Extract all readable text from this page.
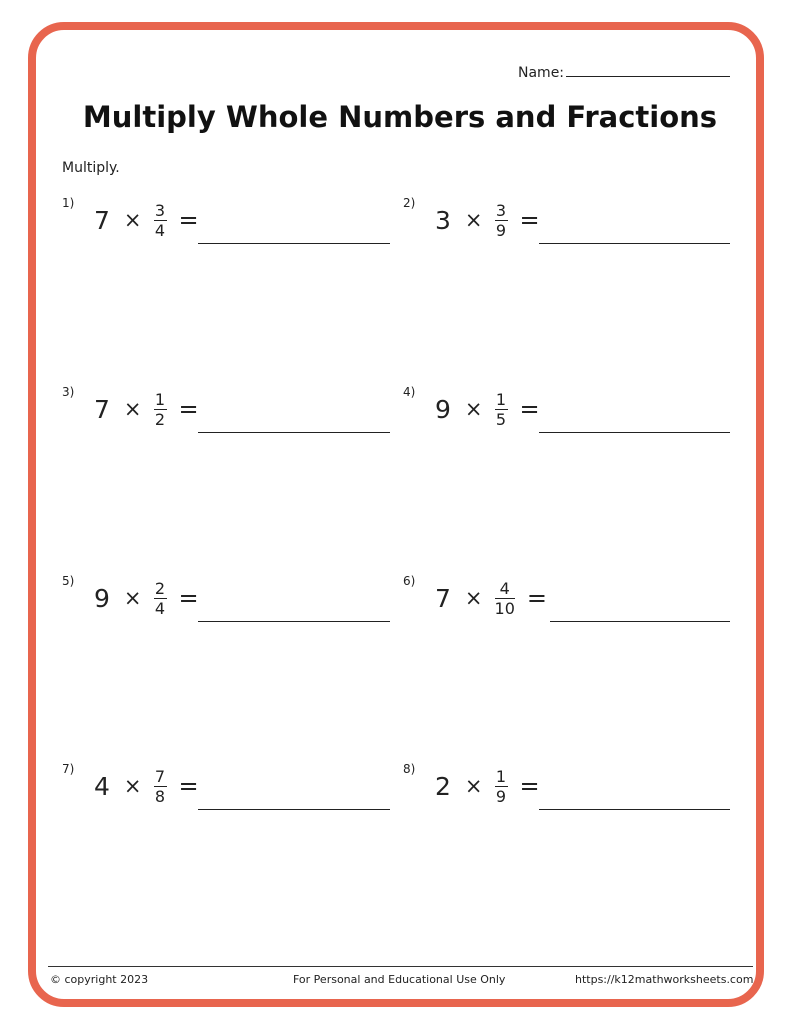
Name:
Multiply Whole Numbers and Fractions
Multiply.
1)
$7 \times \frac{3}{4}$ =
2)
$3 \times \frac{3}{9}$ =
3)
$7 \times \frac{1}{2}$ =
4)
$9 \times \frac{1}{5}$ =
5)
$9 \times \frac{2}{4}$ =
6)
$7 \times \frac{4}{10}$ =
7)
$4 \times \frac{7}{8}$ =
8)
$2 \times \frac{1}{9}$ =
© copyright 2023	For Personal and Educational Use Only	https://k12mathworksheets.com
